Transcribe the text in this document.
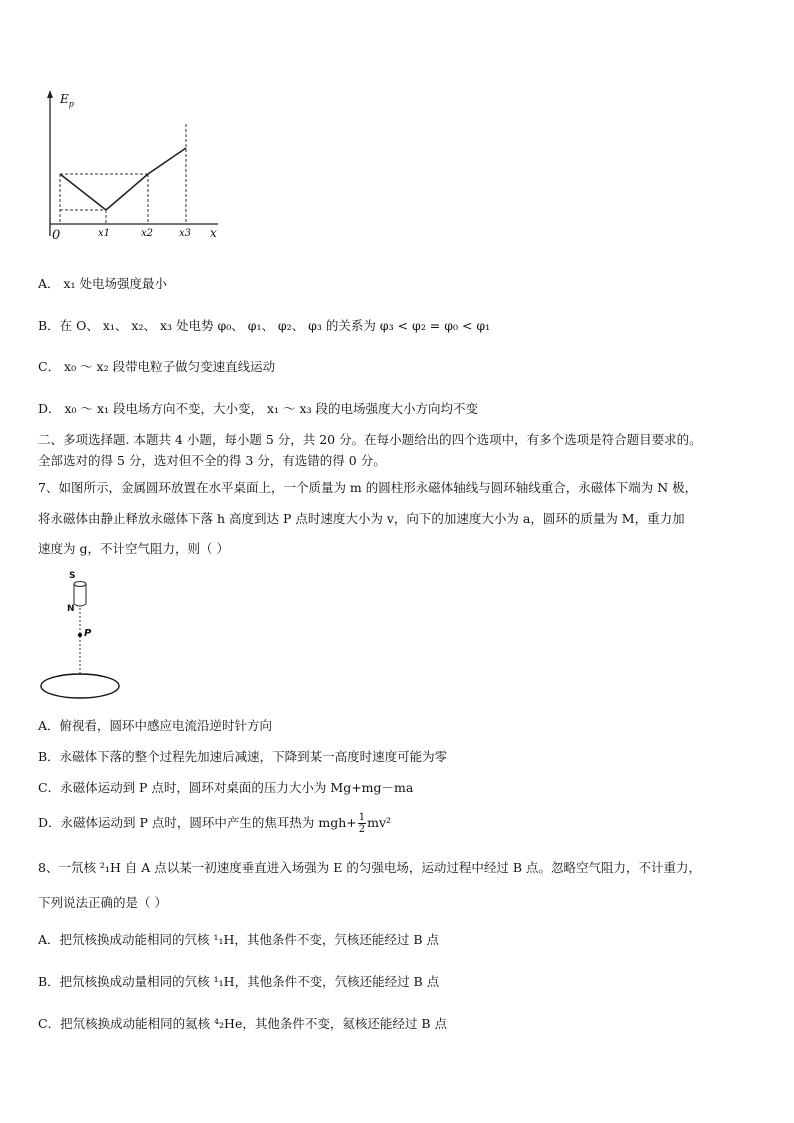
$E_p$
0	x1	x2	x3 x
A． x₁ 处电场强度最小
B．在 O、 x₁、 x₂、 x₃ 处电势 φ₀、 φ₁、 φ₂、 φ₃ 的关系为 φ₃ < φ₂ = φ₀ < φ₁
C． x₀ ～ x₂ 段带电粒子做匀变速直线运动
D． x₀ ～ x₁ 段电场方向不变，大小变， x₁ ～ x₃ 段的电场强度大小方向均不变
二、多项选择题. 本题共 4 小题，每小题 5 分，共 20 分。在每小题给出的四个选项中，有多个选项是符合题目要求的。
全部选对的得 5 分，选对但不全的得 3 分，有选错的得 0 分。
7、如图所示，金属圆环放置在水平桌面上，一个质量为 m 的圆柱形永磁体轴线与圆环轴线重合，永磁体下端为 N 极，
将永磁体由静止释放永磁体下落 h 高度到达 P 点时速度大小为 v，向下的加速度大小为 a，圆环的质量为 M，重力加
速度为 g，不计空气阻力，则（ ）
S
N
P
A．俯视看，圆环中感应电流沿逆时针方向
B．永磁体下落的整个过程先加速后减速，下降到某一高度时速度可能为零
C．永磁体运动到 P 点时，圆环对桌面的压力大小为 Mg+mg－ma
D．永磁体运动到 P 点时，圆环中产生的焦耳热为 $mgh+ \frac{1}{2} mv^2$
8、一氘核 ²₁H 自 A 点以某一初速度垂直进入场强为 E 的匀强电场，运动过程中经过 B 点。忽略空气阻力，不计重力，
下列说法正确的是（ ）
A．把氘核换成动能相同的氕核 ¹₁H，其他条件不变，氕核还能经过 B 点
B．把氘核换成动量相同的氕核 ¹₁H，其他条件不变，氕核还能经过 B 点
C．把氘核换成动能相同的氦核 ⁴₂He，其他条件不变，氦核还能经过 B 点
